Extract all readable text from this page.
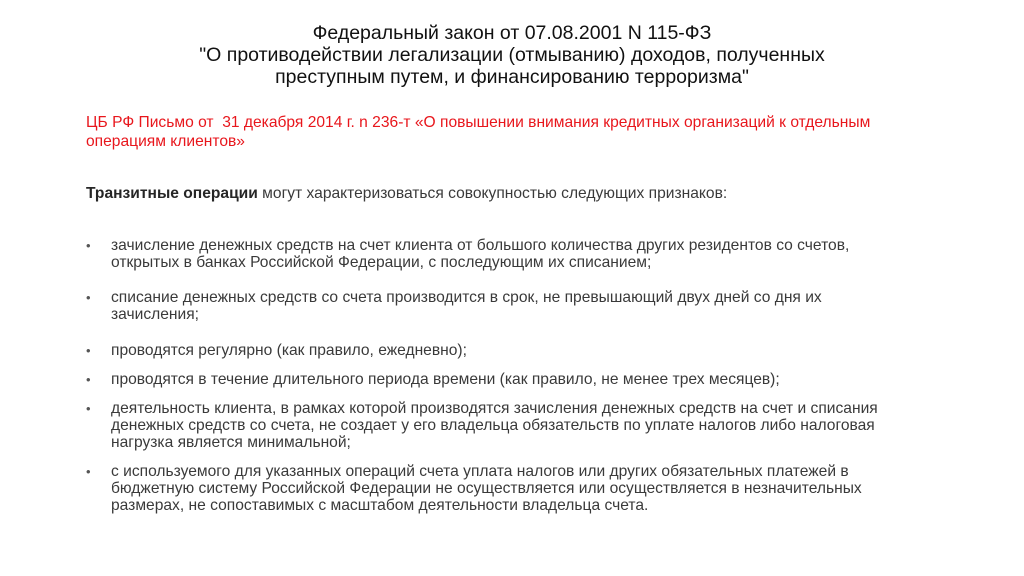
Федеральный закон от 07.08.2001 N 115-ФЗ
"О противодействии легализации (отмыванию) доходов, полученных
преступным путем, и финансированию терроризма"
ЦБ РФ Письмо от  31 декабря 2014 г. n 236-т «О повышении внимания кредитных организаций к отдельным
операциям клиентов»
Транзитные операции могут характеризоваться совокупностью следующих признаков:
• зачисление денежных средств на счет клиента от большого количества других резидентов со счетов,
открытых в банках Российской Федерации, с последующим их списанием;
• списание денежных средств со счета производится в срок, не превышающий двух дней со дня их
зачисления;
• проводятся регулярно (как правило, ежедневно);
• проводятся в течение длительного периода времени (как правило, не менее трех месяцев);
• деятельность клиента, в рамках которой производятся зачисления денежных средств на счет и списания
денежных средств со счета, не создает у его владельца обязательств по уплате налогов либо налоговая
нагрузка является минимальной;
• с используемого для указанных операций счета уплата налогов или других обязательных платежей в
бюджетную систему Российской Федерации не осуществляется или осуществляется в незначительных
размерах, не сопоставимых с масштабом деятельности владельца счета.
